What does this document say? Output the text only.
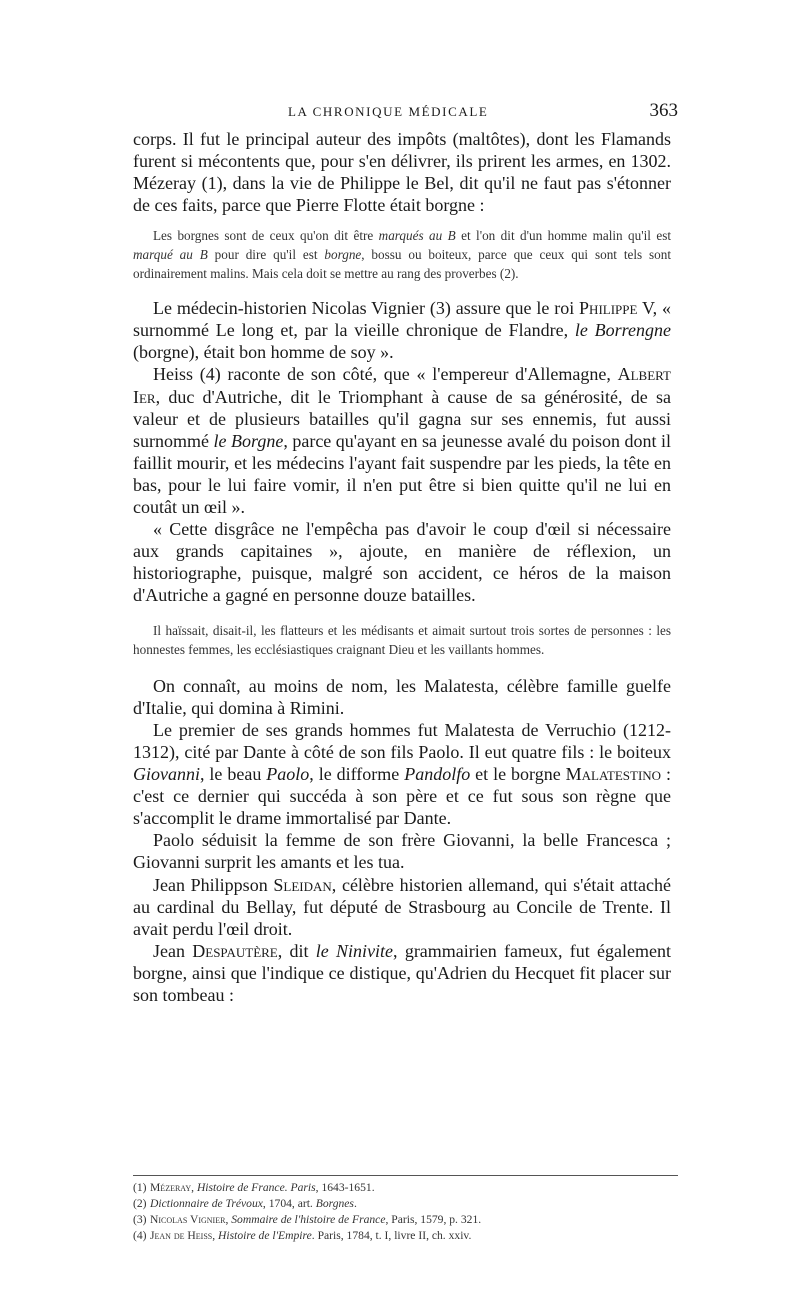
LA CHRONIQUE MÉDICALE	363

corps. Il fut le principal auteur des impôts (maltôtes), dont les Flamands furent si mécontents que, pour s'en délivrer, ils prirent les armes, en 1302. Mézeray (1), dans la vie de Philippe le Bel, dit qu'il ne faut pas s'étonner de ces faits, parce que Pierre Flotte était borgne :

Les borgnes sont de ceux qu'on dit être marqués au B et l'on dit d'un homme malin qu'il est marqué au B pour dire qu'il est borgne, bossu ou boiteux, parce que ceux qui sont tels sont ordinairement malins. Mais cela doit se mettre au rang des proverbes (2).

Le médecin-historien Nicolas Vignier (3) assure que le roi Philippe V, « surnommé Le long et, par la vieille chronique de Flandre, le Borrengne (borgne), était bon homme de soy ».

Heiss (4) raconte de son côté, que « l'empereur d'Allemagne, Albert Ier, duc d'Autriche, dit le Triomphant à cause de sa générosité, de sa valeur et de plusieurs batailles qu'il gagna sur ses ennemis, fut aussi surnommé le Borgne, parce qu'ayant en sa jeunesse avalé du poison dont il faillit mourir, et les médecins l'ayant fait suspendre par les pieds, la tête en bas, pour le lui faire vomir, il n'en put être si bien quitte qu'il ne lui en coutât un œil ».

« Cette disgrâce ne l'empêcha pas d'avoir le coup d'œil si nécessaire aux grands capitaines », ajoute, en manière de réflexion, un historiographe, puisque, malgré son accident, ce héros de la maison d'Autriche a gagné en personne douze batailles.

Il haïssait, disait-il, les flatteurs et les médisants et aimait surtout trois sortes de personnes : les honnestes femmes, les ecclésiastiques craignant Dieu et les vaillants hommes.

On connaît, au moins de nom, les Malatesta, célèbre famille guelfe d'Italie, qui domina à Rimini.

Le premier de ses grands hommes fut Malatesta de Verruchio (1212-1312), cité par Dante à côté de son fils Paolo. Il eut quatre fils : le boiteux Giovanni, le beau Paolo, le difforme Pandolfo et le borgne Malatestino : c'est ce dernier qui succéda à son père et ce fut sous son règne que s'accomplit le drame immortalisé par Dante.

Paolo séduisit la femme de son frère Giovanni, la belle Francesca ; Giovanni surprit les amants et les tua.

Jean Philippson Sleidan, célèbre historien allemand, qui s'était attaché au cardinal du Bellay, fut député de Strasbourg au Concile de Trente. Il avait perdu l'œil droit.

Jean Despautère, dit le Ninivite, grammairien fameux, fut également borgne, ainsi que l'indique ce distique, qu'Adrien du Hecquet fit placer sur son tombeau :

(1) Mézeray, Histoire de France. Paris, 1643-1651.
(2) Dictionnaire de Trévoux, 1704, art. Borgnes.
(3) Nicolas Vignier, Sommaire de l'histoire de France, Paris, 1579, p. 321.
(4) Jean de Heiss, Histoire de l'Empire. Paris, 1784, t. I, livre II, ch. xxiv.
